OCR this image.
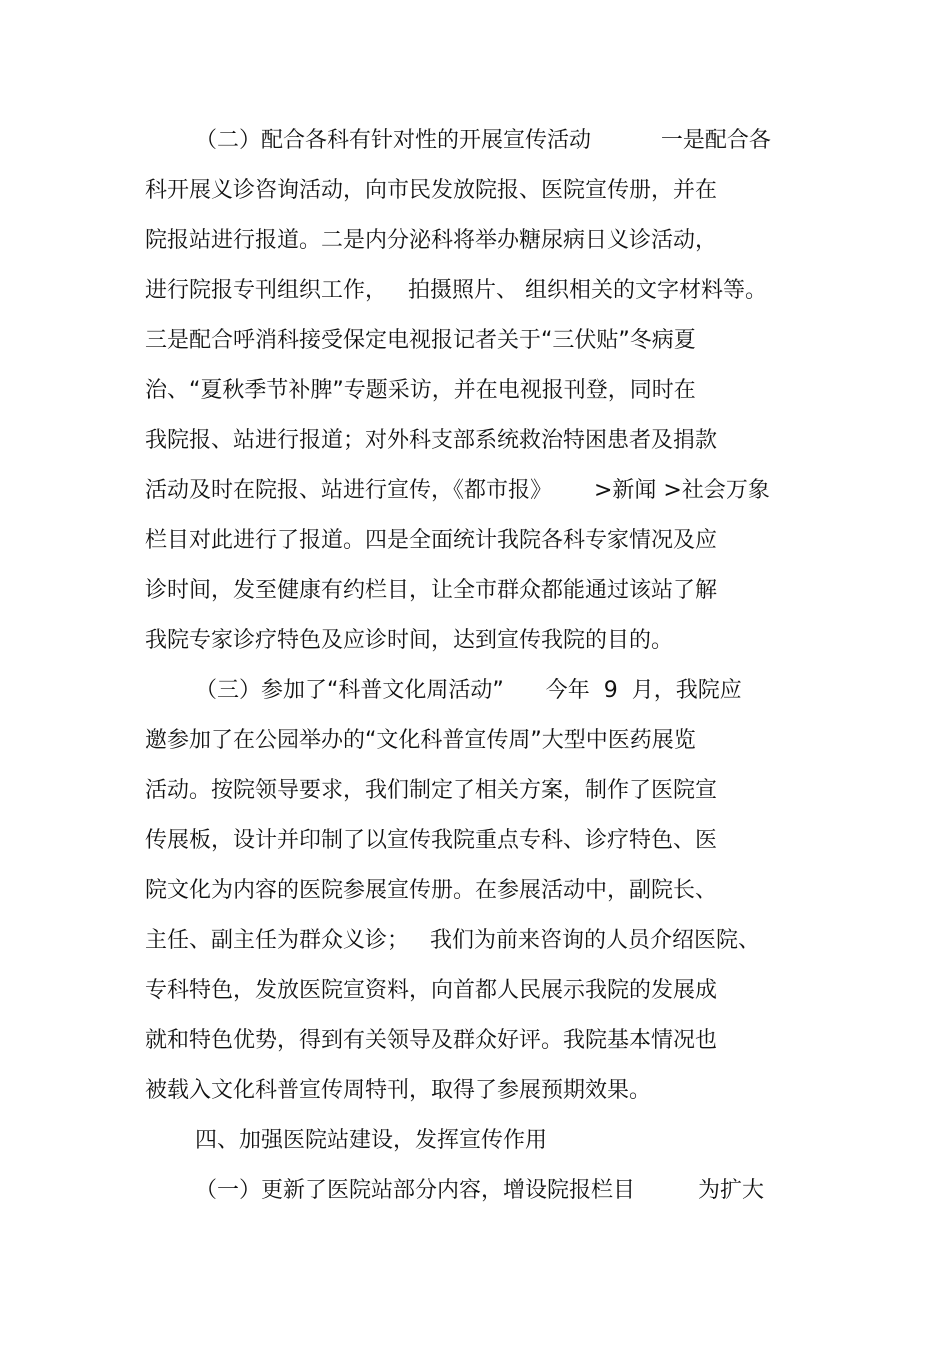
（二）配合各科有针对性的开展宣传活动          一是配合各
科开展义诊咨询活动，向市民发放院报、医院宣传册，并在
院报站进行报道。二是内分泌科将举办糖尿病日义诊活动，
进行院报专刊组织工作，   拍摄照片、 组织相关的文字材料等。
三是配合呼消科接受保定电视报记者关于“三伏贴”冬病夏
治、“夏秋季节补脾”专题采访，并在电视报刊登，同时在
我院报、站进行报道；对外科支部系统救治特困患者及捐款
活动及时在院报、站进行宣传，《都市报》      >新闻 >社会万象
栏目对此进行了报道。四是全面统计我院各科专家情况及应
诊时间，发至健康有约栏目，让全市群众都能通过该站了解
我院专家诊疗特色及应诊时间，达到宣传我院的目的。
（三）参加了“科普文化周活动”      今年  9  月，我院应
邀参加了在公园举办的“文化科普宣传周”大型中医药展览
活动。按院领导要求，我们制定了相关方案，制作了医院宣
传展板，设计并印制了以宣传我院重点专科、诊疗特色、医
院文化为内容的医院参展宣传册。在参展活动中，副院长、
主任、副主任为群众义诊；   我们为前来咨询的人员介绍医院、
专科特色，发放医院宣资料，向首都人民展示我院的发展成
就和特色优势，得到有关领导及群众好评。我院基本情况也
被载入文化科普宣传周特刊，取得了参展预期效果。
四、加强医院站建设，发挥宣传作用
（一）更新了医院站部分内容，增设院报栏目         为扩大
